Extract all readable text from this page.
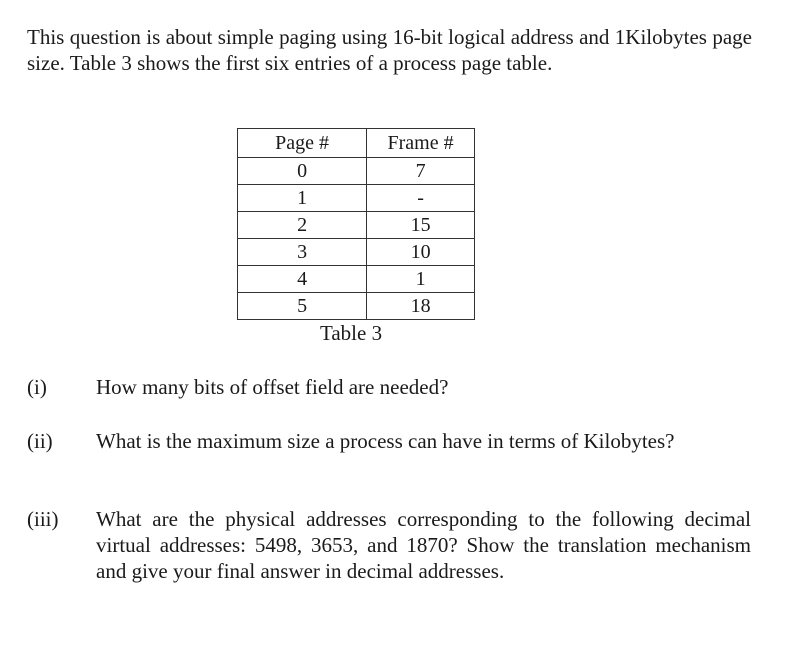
This question is about simple paging using 16-bit logical address and 1Kilobytes page size. Table 3 shows the first six entries of a process page table.
Page #	Frame #
0	7
1	-
2	15
3	10
4	1
5	18
Table 3
(i) How many bits of offset field are needed?
(ii) What is the maximum size a process can have in terms of Kilobytes?
(iii) What are the physical addresses corresponding to the following decimal virtual addresses: 5498, 3653, and 1870? Show the translation mechanism and give your final answer in decimal addresses.
